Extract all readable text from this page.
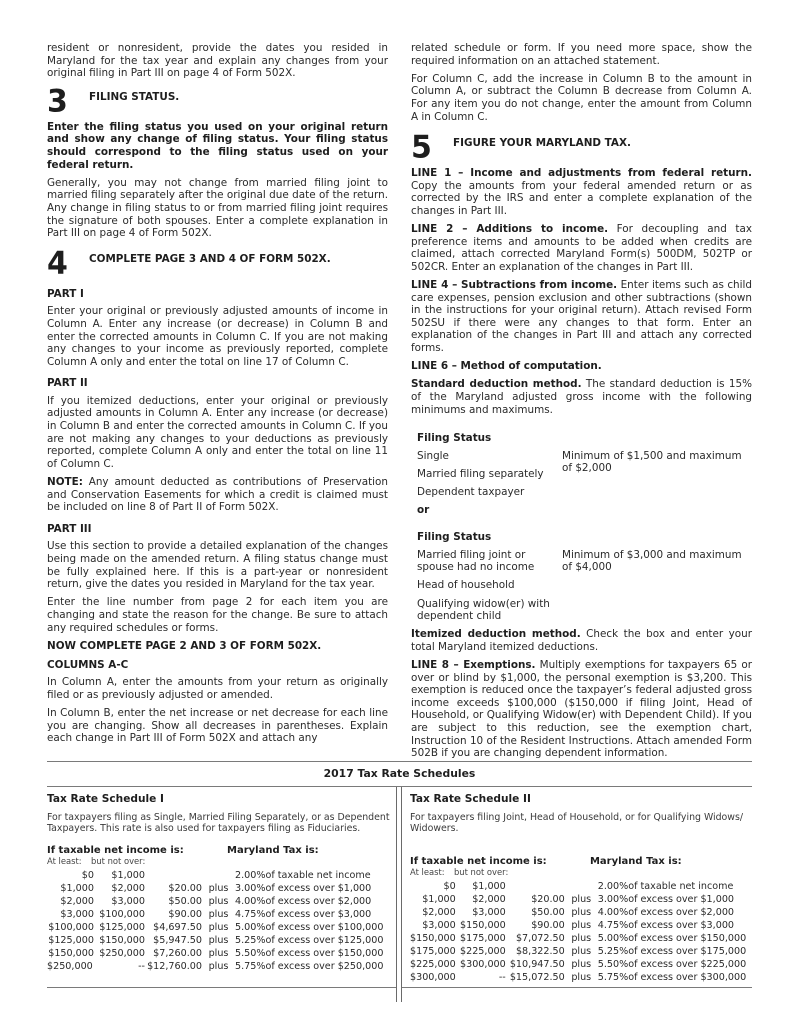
resident or nonresident, provide the dates you resided in Maryland for the tax year and explain any changes from your original filing in Part III on page 4 of Form 502X.

3	FILING STATUS.

Enter the filing status you used on your original return and show any change of filing status. Your filing status should correspond to the filing status used on your federal return.

Generally, you may not change from married filing joint to married filing separately after the original due date of the return. Any change in filing status to or from married filing joint requires the signature of both spouses. Enter a complete explanation in Part III on page 4 of Form 502X.

4	COMPLETE PAGE 3 AND 4 OF FORM 502X.
PART I

Enter your original or previously adjusted amounts of income in Column A. Enter any increase (or decrease) in Column B and enter the corrected amounts in Column C. If you are not making any changes to your income as previously reported, complete Column A only and enter the total on line 17 of Column C.

PART II

If you itemized deductions, enter your original or previously adjusted amounts in Column A. Enter any increase (or decrease) in Column B and enter the corrected amounts in Column C. If you are not making any changes to your deductions as previously reported, complete Column A only and enter the total on line 11 of Column C.

NOTE: Any amount deducted as contributions of Preservation and Conservation Easements for which a credit is claimed must be included on line 8 of Part II of Form 502X.

PART III

Use this section to provide a detailed explanation of the changes being made on the amended return. A filing status change must be fully explained here. If this is a part-year or nonresident return, give the dates you resided in Maryland for the tax year.

Enter the line number from page 2 for each item you are changing and state the reason for the change. Be sure to attach any required schedules or forms.

NOW COMPLETE PAGE 2 AND 3 OF FORM 502X.
COLUMNS A-C

In Column A, enter the amounts from your return as originally filed or as previously adjusted or amended.

In Column B, enter the net increase or net decrease for each line you are changing. Show all decreases in parentheses. Explain each change in Part III of Form 502X and attach any

related schedule or form. If you need more space, show the required information on an attached statement.

For Column C, add the increase in Column B to the amount in Column A, or subtract the Column B decrease from Column A. For any item you do not change, enter the amount from Column A in Column C.

5	FIGURE YOUR MARYLAND TAX.

LINE 1 – Income and adjustments from federal return. Copy the amounts from your federal amended return or as corrected by the IRS and enter a complete explanation of the changes in Part III.

LINE 2 – Additions to income. For decoupling and tax preference items and amounts to be added when credits are claimed, attach corrected Maryland Form(s) 500DM, 502TP or 502CR. Enter an explanation of the changes in Part III.

LINE 4 – Subtractions from income. Enter items such as child care expenses, pension exclusion and other subtractions (shown in the instructions for your original return). Attach revised Form 502SU if there were any changes to that form. Enter an explanation of the changes in Part III and attach any corrected forms.

LINE 6 – Method of computation.

Standard deduction method. The standard deduction is 15% of the Maryland adjusted gross income with the following minimums and maximums.

Filing Status
Single
Married filing separately
Dependent taxpayer
Minimum of $1,500 and maximum of $2,000
or
Filing Status
Married filing joint or spouse had no income
Head of household
Qualifying widow(er) with dependent child
Minimum of $3,000 and maximum of $4,000

Itemized deduction method. Check the box and enter your total Maryland itemized deductions.

LINE 8 – Exemptions. Multiply exemptions for taxpayers 65 or over or blind by $1,000, the personal exemption is $3,200. This exemption is reduced once the taxpayer’s federal adjusted gross income exceeds $100,000 ($150,000 if filing Joint, Head of Household, or Qualifying Widow(er) with Dependent Child). If you are subject to this reduction, see the exemption chart, Instruction 10 of the Resident Instructions. Attach amended Form 502B if you are changing dependent information.

2017 Tax Rate Schedules
Tax Rate Schedule I
For taxpayers filing as Single, Married Filing Separately, or as Dependent Taxpayers. This rate is also used for taxpayers filing as Fiduciaries.
If taxable net income is:	Maryland Tax is:
At least:	but not over:
$0	$1,000			2.00%	of taxable net income
$1,000	$2,000	$20.00	plus	3.00%	of excess over $1,000
$2,000	$3,000	$50.00	plus	4.00%	of excess over $2,000
$3,000	$100,000	$90.00	plus	4.75%	of excess over $3,000
$100,000	$125,000	$4,697.50	plus	5.00%	of excess over $100,000
$125,000	$150,000	$5,947.50	plus	5.25%	of excess over $125,000
$150,000	$250,000	$7,260.00	plus	5.50%	of excess over $150,000
$250,000	--	$12,760.00	plus	5.75%	of excess over $250,000
Tax Rate Schedule II
For taxpayers filing Joint, Head of Household, or for Qualifying Widows/ Widowers.
If taxable net income is:	Maryland Tax is:
At least:	but not over:
$0	$1,000			2.00%	of taxable net income
$1,000	$2,000	$20.00	plus	3.00%	of excess over $1,000
$2,000	$3,000	$50.00	plus	4.00%	of excess over $2,000
$3,000	$150,000	$90.00	plus	4.75%	of excess over $3,000
$150,000	$175,000	$7,072.50	plus	5.00%	of excess over $150,000
$175,000	$225,000	$8,322.50	plus	5.25%	of excess over $175,000
$225,000	$300,000	$10,947.50	plus	5.50%	of excess over $225,000
$300,000	--	$15,072.50	plus	5.75%	of excess over $300,000
